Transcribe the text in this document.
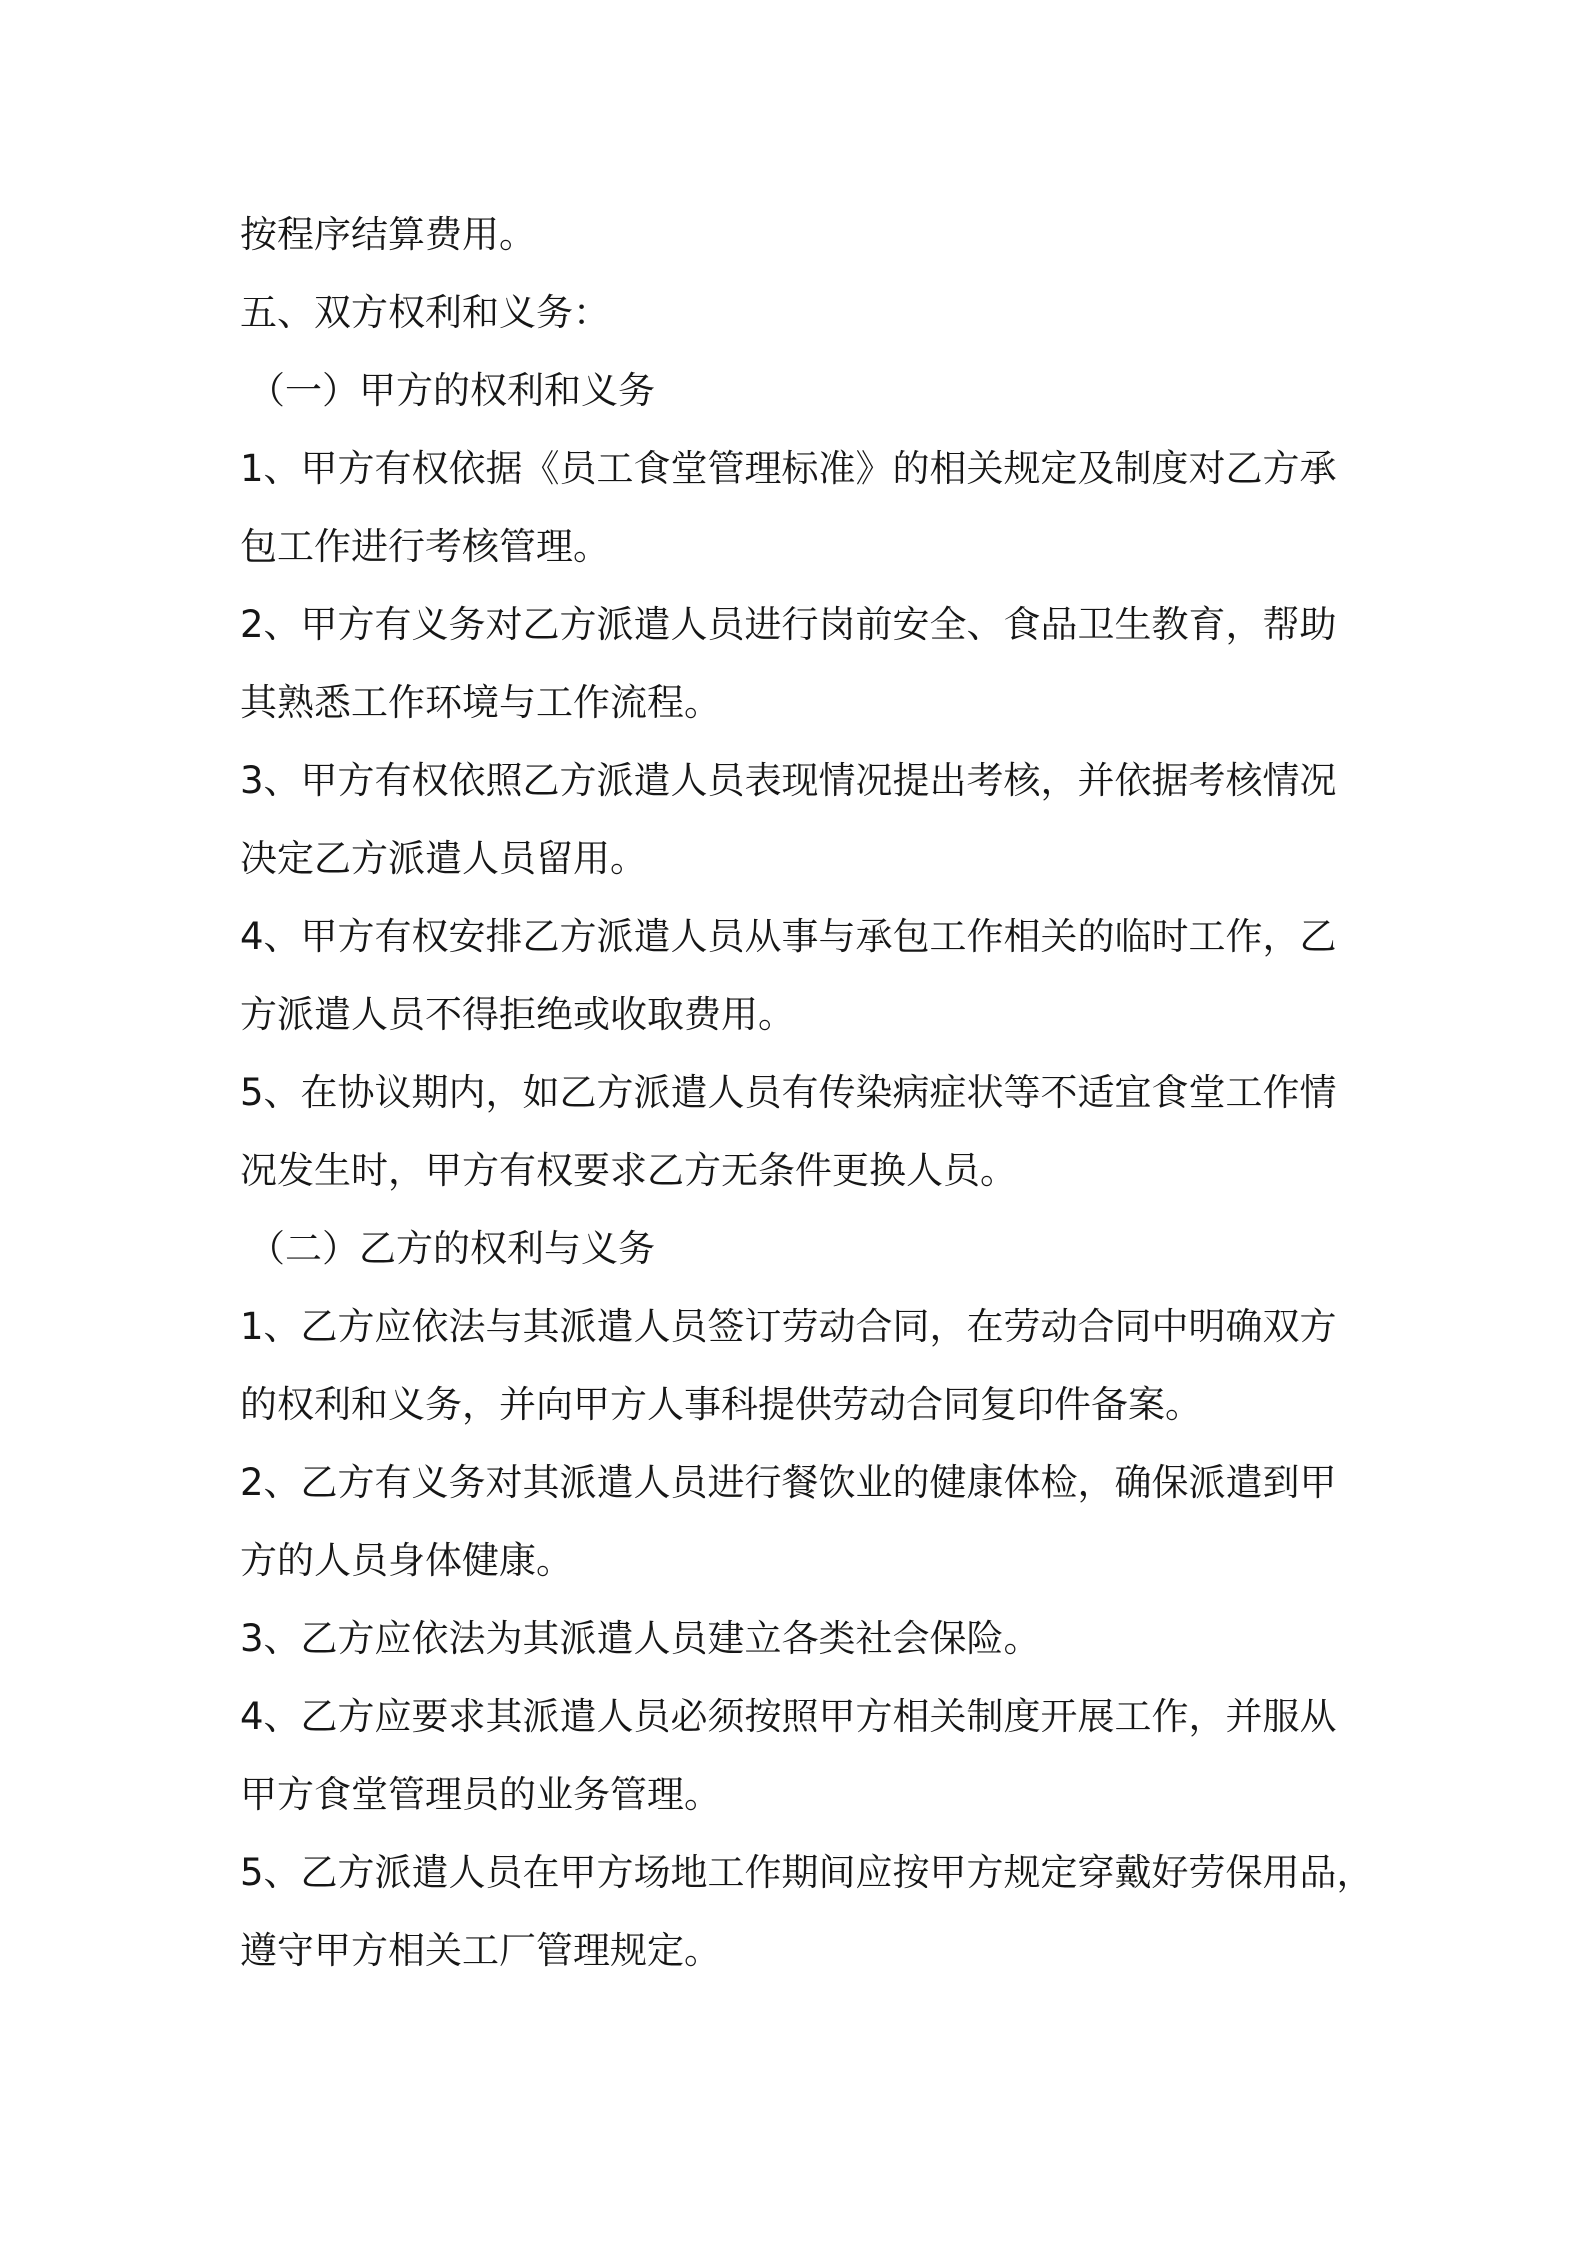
按程序结算费用。
五、双方权利和义务：
（一）甲方的权利和义务
1、甲方有权依据《员工食堂管理标准》的相关规定及制度对乙方承
包工作进行考核管理。
2、甲方有义务对乙方派遣人员进行岗前安全、食品卫生教育，帮助
其熟悉工作环境与工作流程。
3、甲方有权依照乙方派遣人员表现情况提出考核，并依据考核情况
决定乙方派遣人员留用。
4、甲方有权安排乙方派遣人员从事与承包工作相关的临时工作，乙
方派遣人员不得拒绝或收取费用。
5、在协议期内，如乙方派遣人员有传染病症状等不适宜食堂工作情
况发生时，甲方有权要求乙方无条件更换人员。
（二）乙方的权利与义务
1、乙方应依法与其派遣人员签订劳动合同，在劳动合同中明确双方
的权利和义务，并向甲方人事科提供劳动合同复印件备案。
2、乙方有义务对其派遣人员进行餐饮业的健康体检，确保派遣到甲
方的人员身体健康。
3、乙方应依法为其派遣人员建立各类社会保险。
4、乙方应要求其派遣人员必须按照甲方相关制度开展工作，并服从
甲方食堂管理员的业务管理。
5、乙方派遣人员在甲方场地工作期间应按甲方规定穿戴好劳保用品，
遵守甲方相关工厂管理规定。
